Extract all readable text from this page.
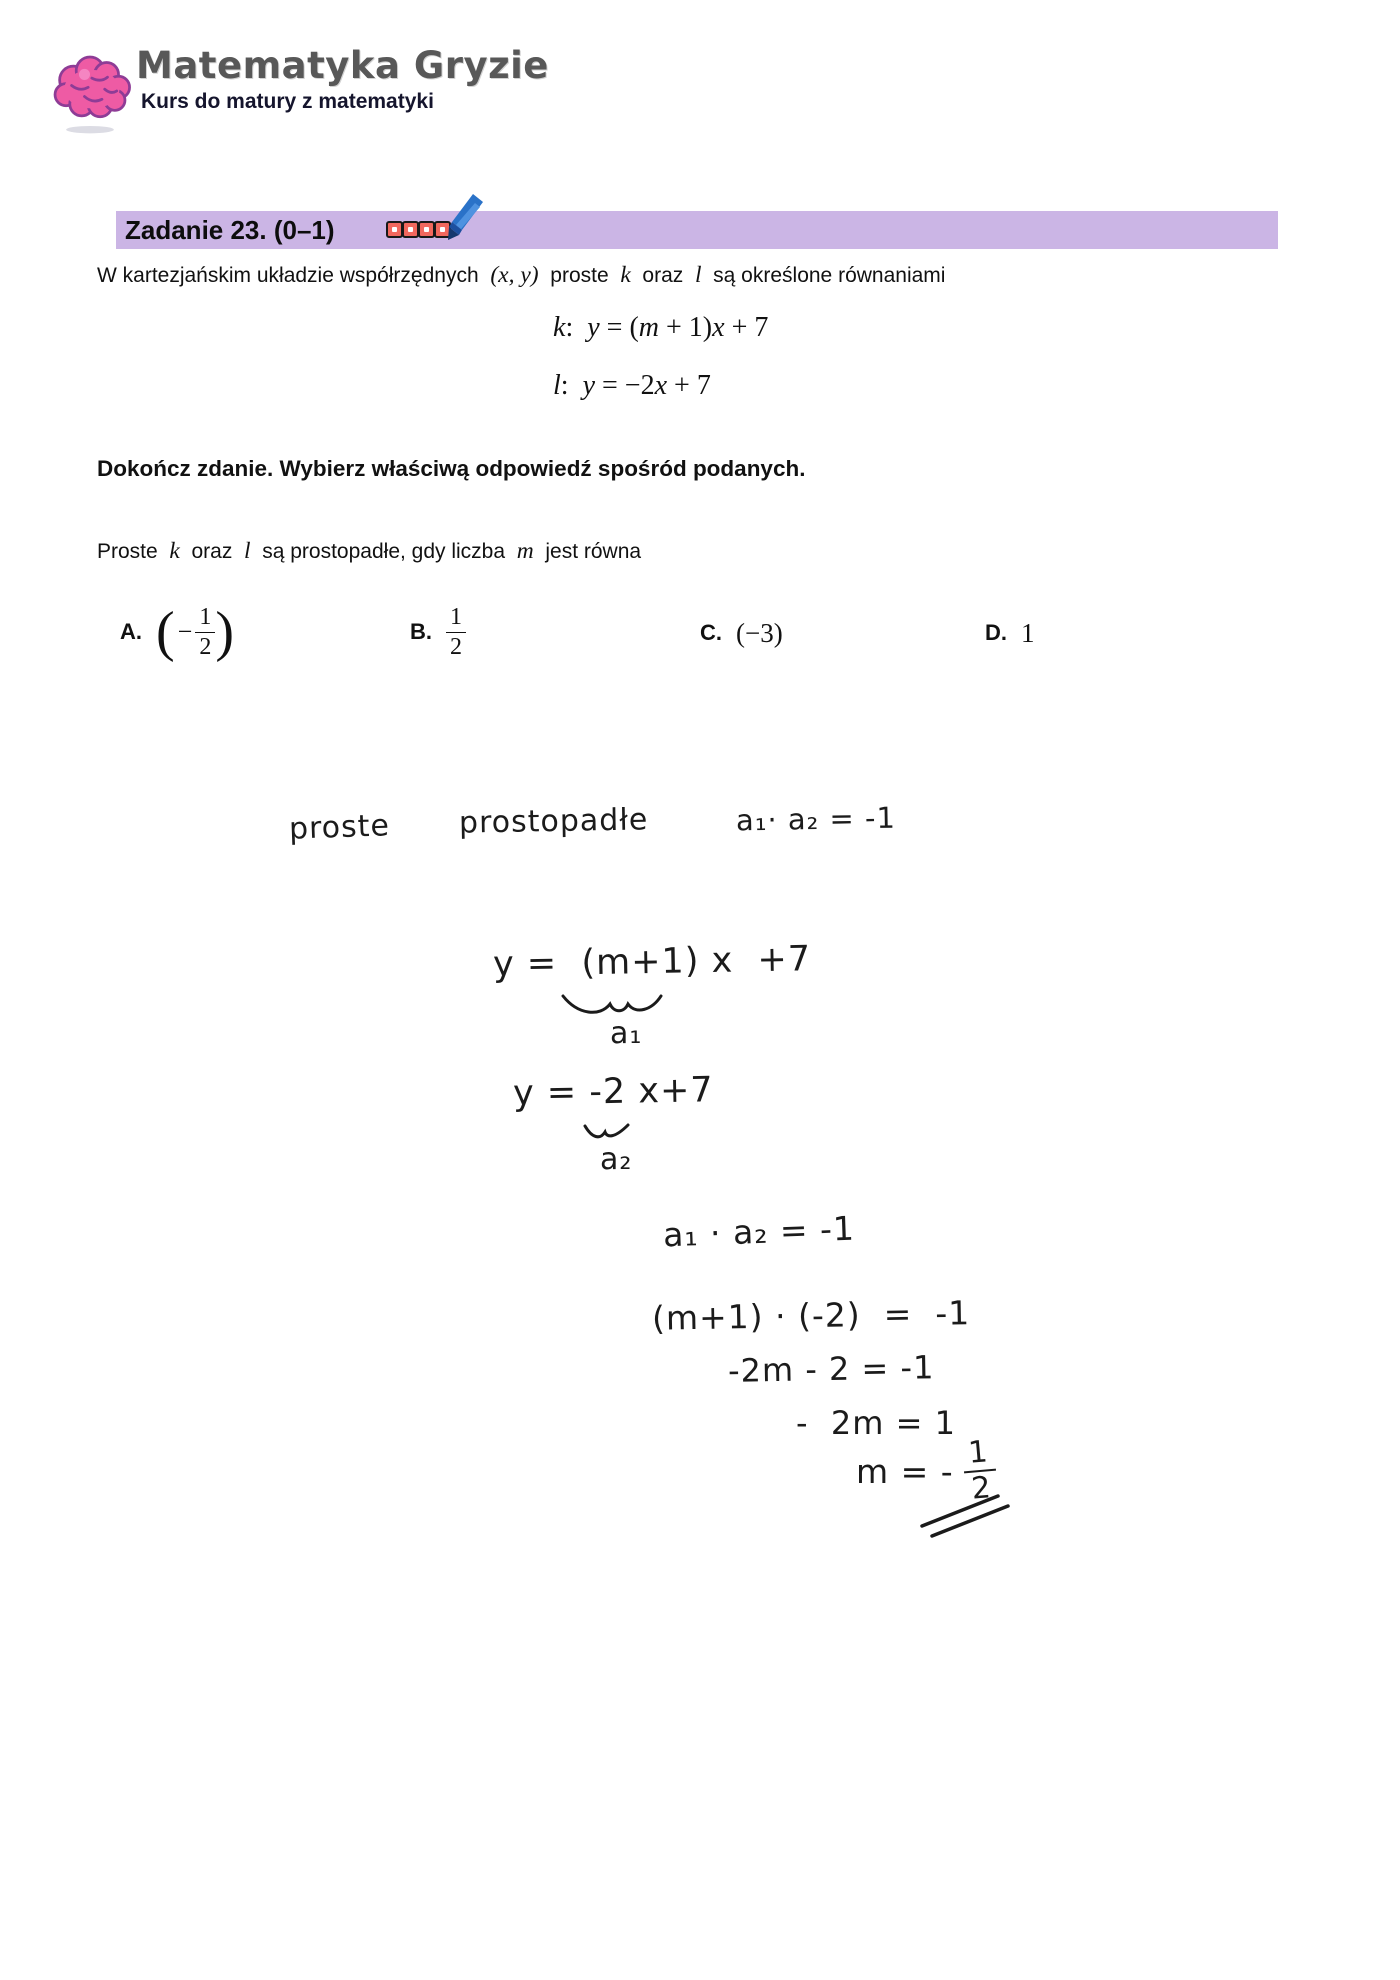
Matematyka Gryzie
Kurs do matury z matematyki
Zadanie 23. (0–1)
W kartezjańskim układzie współrzędnych  (x, y)  proste  k  oraz  l  są określone równaniami
k:  y = (m + 1)x + 7
l:  y = −2x + 7
Dokończ zdanie. Wybierz właściwą odpowiedź spośród podanych.
Proste  k  oraz  l  są prostopadłe, gdy liczba  m  jest równa
A. ( − $\frac{1}{2}$ )	B. $\frac{1}{2}$	C. (−3)	D. 1
proste prostopadłe	a₁· a₂ = -1
y =  (m+1) x  +7
a₁
y = -2 x+7
a₂
a₁ · a₂ = -1
(m+1) · (-2)  =  -1
-2m - 2 = -1
-  2m = 1
m = - $\frac{1}{2}$
